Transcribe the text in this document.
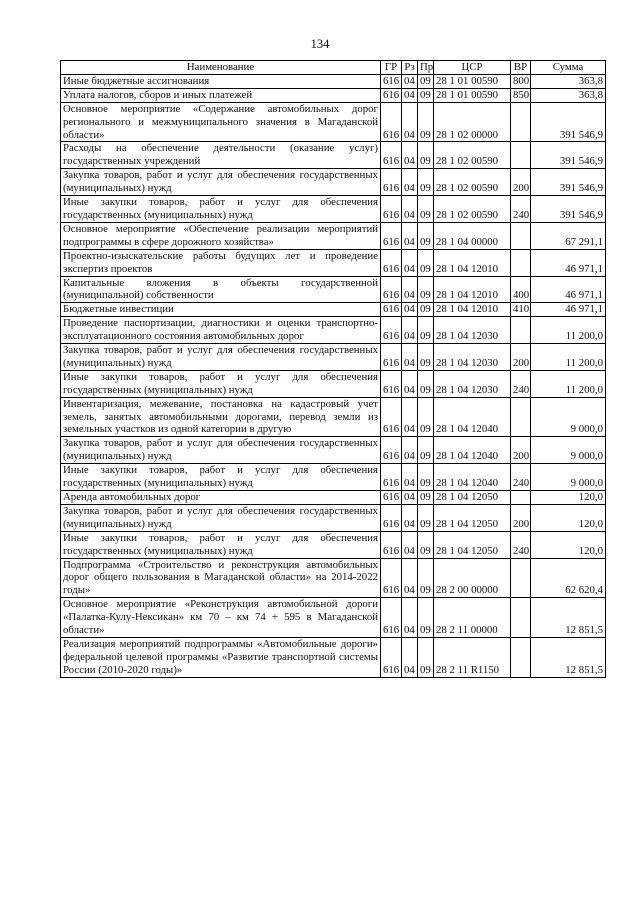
134
Наименование	ГР	Рз	Пр	ЦСР	ВР	Сумма
Иные бюджетные ассигнования	616	04	09	28 1 01 00590	800	363,8
Уплата налогов, сборов и иных платежей	616	04	09	28 1 01 00590	850	363,8
Основное мероприятие «Содержание автомобильных дорог регионального и межмуниципального значения в Магаданской области»	616	04	09	28 1 02 00000		391 546,9
Расходы на обеспечение деятельности (оказание услуг) государственных учреждений	616	04	09	28 1 02 00590		391 546,9
Закупка товаров, работ и услуг для обеспечения государственных (муниципальных) нужд	616	04	09	28 1 02 00590	200	391 546,9
Иные закупки товаров, работ и услуг для обеспечения государственных (муниципальных) нужд	616	04	09	28 1 02 00590	240	391 546,9
Основное мероприятие «Обеспечение реализации мероприятий подпрограммы в сфере дорожного хозяйства»	616	04	09	28 1 04 00000		67 291,1
Проектно-изыскательские работы будущих лет и проведение экспертиз проектов	616	04	09	28 1 04 12010		46 971,1
Капитальные вложения в объекты государственной (муниципальной) собственности	616	04	09	28 1 04 12010	400	46 971,1
Бюджетные инвестиции	616	04	09	28 1 04 12010	410	46 971,1
Проведение паспортизации, диагностики и оценки транспортно-эксплуатационного состояния автомобильных дорог	616	04	09	28 1 04 12030		11 200,0
Закупка товаров, работ и услуг для обеспечения государственных (муниципальных) нужд	616	04	09	28 1 04 12030	200	11 200,0
Иные закупки товаров, работ и услуг для обеспечения государственных (муниципальных) нужд	616	04	09	28 1 04 12030	240	11 200,0
Инвентаризация, межевание, постановка на кадастровый учет земель, занятых автомобильными дорогами, перевод земли из земельных участков из одной категории в другую	616	04	09	28 1 04 12040		9 000,0
Закупка товаров, работ и услуг для обеспечения государственных (муниципальных) нужд	616	04	09	28 1 04 12040	200	9 000,0
Иные закупки товаров, работ и услуг для обеспечения государственных (муниципальных) нужд	616	04	09	28 1 04 12040	240	9 000,0
Аренда автомобильных дорог	616	04	09	28 1 04 12050		120,0
Закупка товаров, работ и услуг для обеспечения государственных (муниципальных) нужд	616	04	09	28 1 04 12050	200	120,0
Иные закупки товаров, работ и услуг для обеспечения государственных (муниципальных) нужд	616	04	09	28 1 04 12050	240	120,0
Подпрограмма «Строительство и реконструкция автомобильных дорог общего пользования в Магаданской области» на 2014-2022 годы»	616	04	09	28 2 00 00000		62 620,4
Основное мероприятие «Реконструкция автомобильной дороги «Палатка-Кулу-Нексикан» км 70 – км 74 + 595 в Магаданской области»	616	04	09	28 2 11 00000		12 851,5
Реализация мероприятий подпрограммы «Автомобильные дороги» федеральной целевой программы «Развитие транспортной системы России (2010-2020 годы)»	616	04	09	28 2 11 R1150		12 851,5
